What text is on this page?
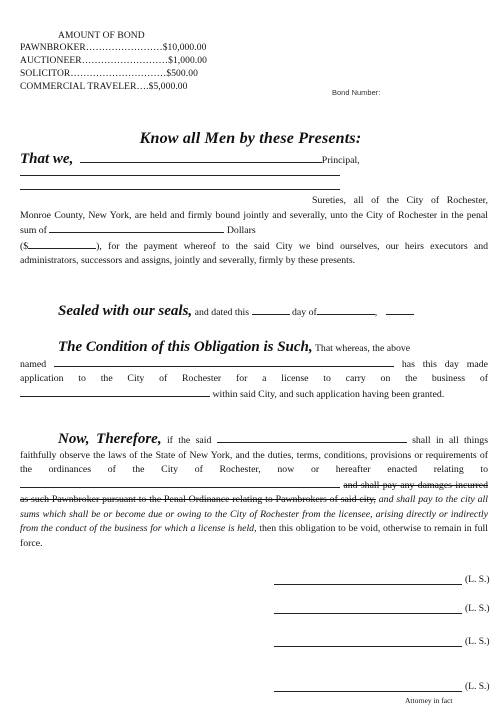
AMOUNT OF BOND
PAWNBROKER……………………$10,000.00
AUCTIONEER………………………$1,000.00
SOLICITOR…………………………$500.00
COMMERCIAL TRAVELER….$5,000.00
Bond Number:
Know all Men by these Presents:
That we,	Principal,
Sureties, all of the City of Rochester, Monroe County, New York, are held and firmly bound jointly and severally, unto the City of Rochester in the penal sum of	Dollars

($	), for the payment whereof to the said City we bind ourselves, our heirs executors and administrators, successors and assigns, jointly and severally, firmly by these presents.
Sealed with our seals, and dated this	day of	,
The Condition of this Obligation is Such, That whereas, the above
named	has this day made application to the City of Rochester for a license to carry on the business of  within said City, and such application having been granted.
Now, Therefore, if the said	shall in all things faithfully observe the laws of the State of New York, and the duties, terms, conditions, provisions or requirements of the ordinances of the City of Rochester, now or hereafter enacted relating to  and shall pay any damages incurred as such Pawnbroker pursuant to the Penal Ordinance relating to Pawnbrokers of said city, and shall pay to the city all sums which shall be or become due or owing to the City of Rochester from the licensee, arising directly or indirectly from the conduct of the business for which a license is held, then this obligation to be void, otherwise to remain in full force.
(L. S.)
(L. S.)
(L. S.)
(L. S.)
Attorney in fact
